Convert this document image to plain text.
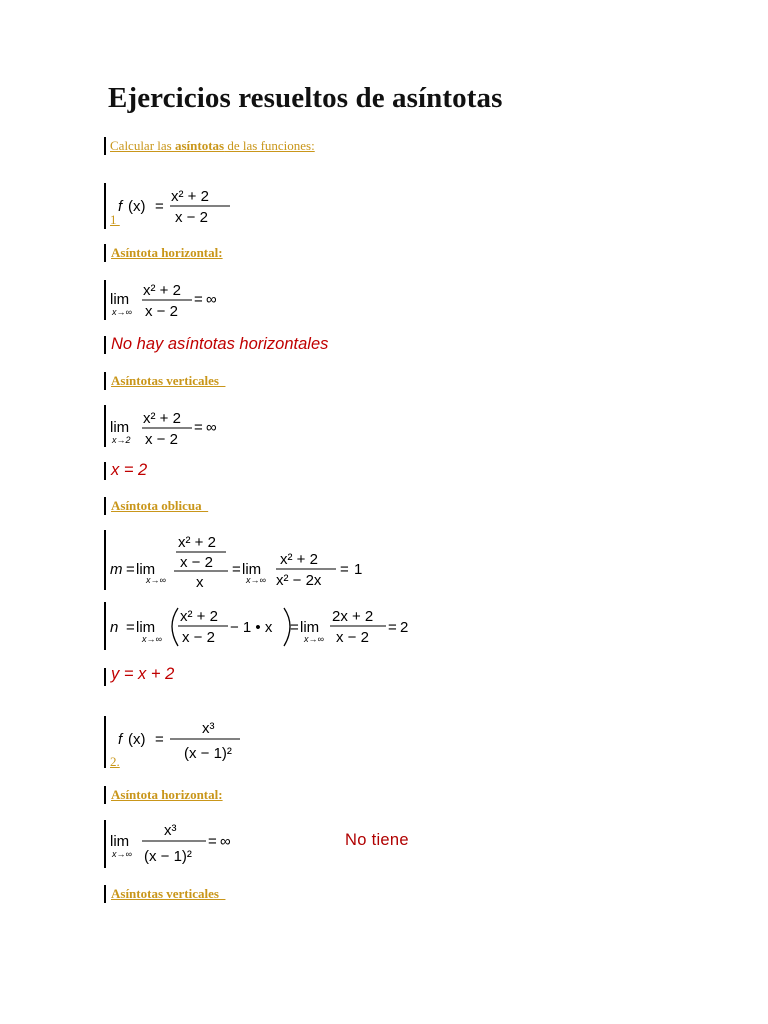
Ejercicios resueltos de asíntotas
Calcular las asíntotas de las funciones:
f (x) =
x² + 2
x − 2
1
Asíntota horizontal:
lim
x→∞
x² + 2
x − 2
= ∞
No hay asíntotas horizontales
Asíntotas verticales
lim
x→2
x² + 2
x − 2
= ∞
x = 2
Asíntota oblicua
m = lim
x→∞
x² + 2
x − 2
x
= lim
x→∞
x² + 2
x² − 2x
= 1
n = lim
x→∞
x² + 2
x − 2
− 1 • x = lim
x→∞
2x + 2
x − 2
= 2
y = x + 2
f (x) =
x³
(x − 1)²
2.
Asíntota horizontal:
lim
x→∞
x³
(x − 1)²
= ∞	No tiene
Asíntotas verticales
